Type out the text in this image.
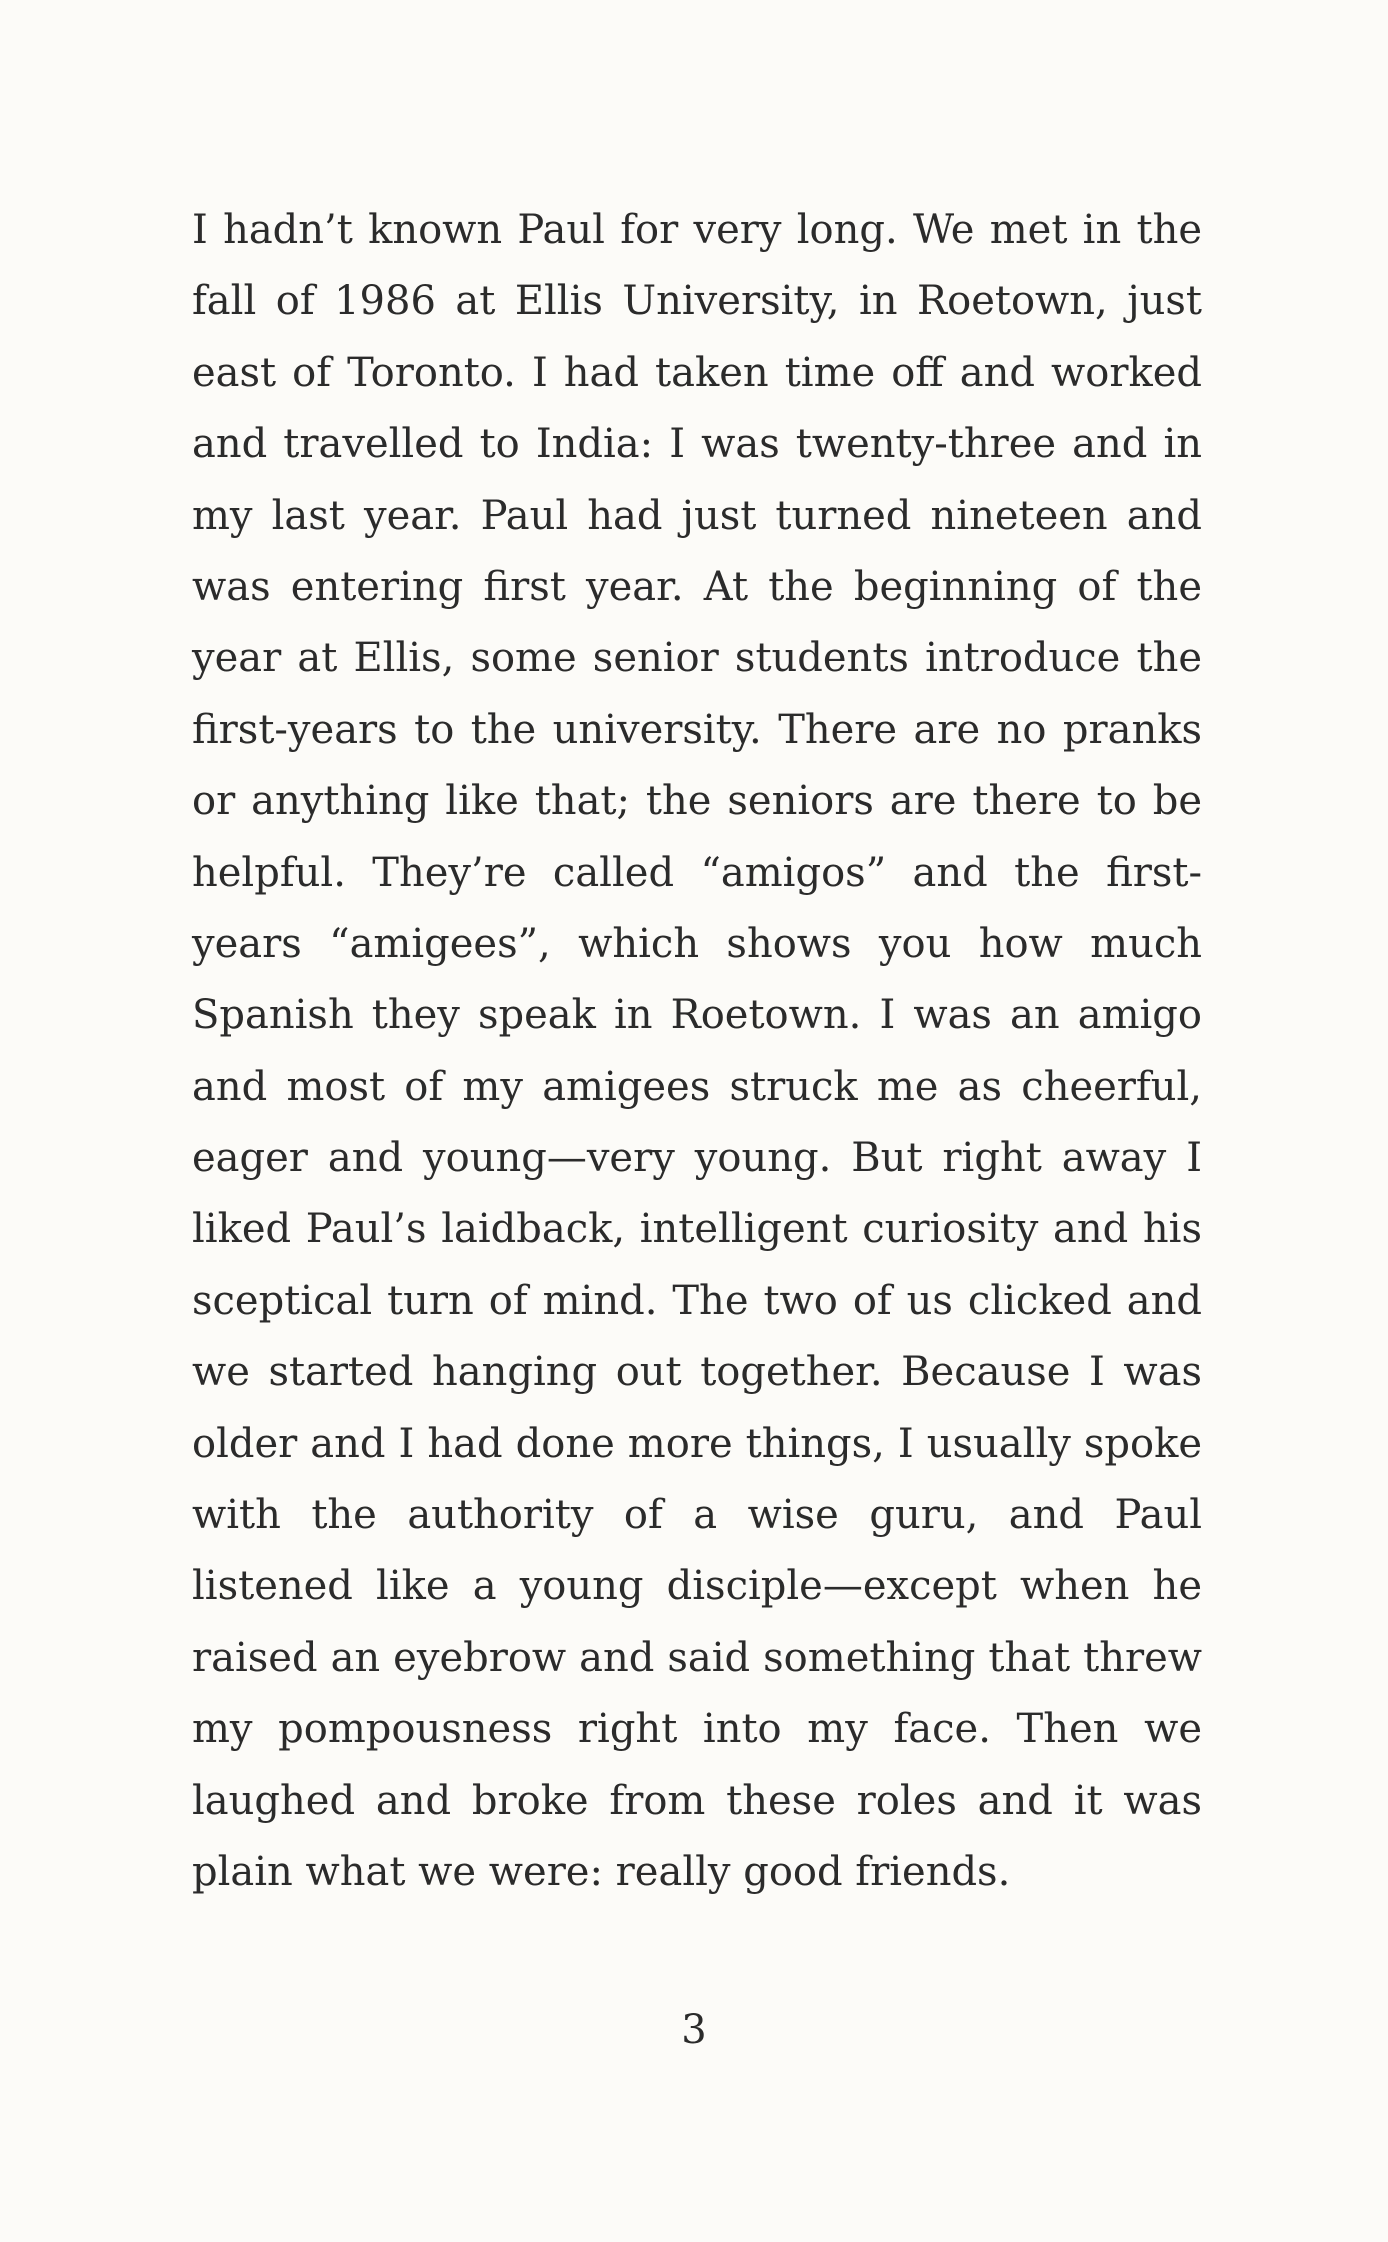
I hadn’t known Paul for very long. We met in the
fall of 1986 at Ellis University, in Roetown, just
east of Toronto. I had taken time off and worked
and travelled to India: I was twenty-three and in
my last year. Paul had just turned nineteen and
was entering first year. At the beginning of the
year at Ellis, some senior students introduce the
first-years to the university. There are no pranks
or anything like that; the seniors are there to be
helpful. They’re called “amigos” and the first-
years “amigees”, which shows you how much
Spanish they speak in Roetown. I was an amigo
and most of my amigees struck me as cheerful,
eager and young—very young. But right away I
liked Paul’s laidback, intelligent curiosity and his
sceptical turn of mind. The two of us clicked and
we started hanging out together. Because I was
older and I had done more things, I usually spoke
with the authority of a wise guru, and Paul
listened like a young disciple—except when he
raised an eyebrow and said something that threw
my pompousness right into my face. Then we
laughed and broke from these roles and it was
plain what we were: really good friends.
3
